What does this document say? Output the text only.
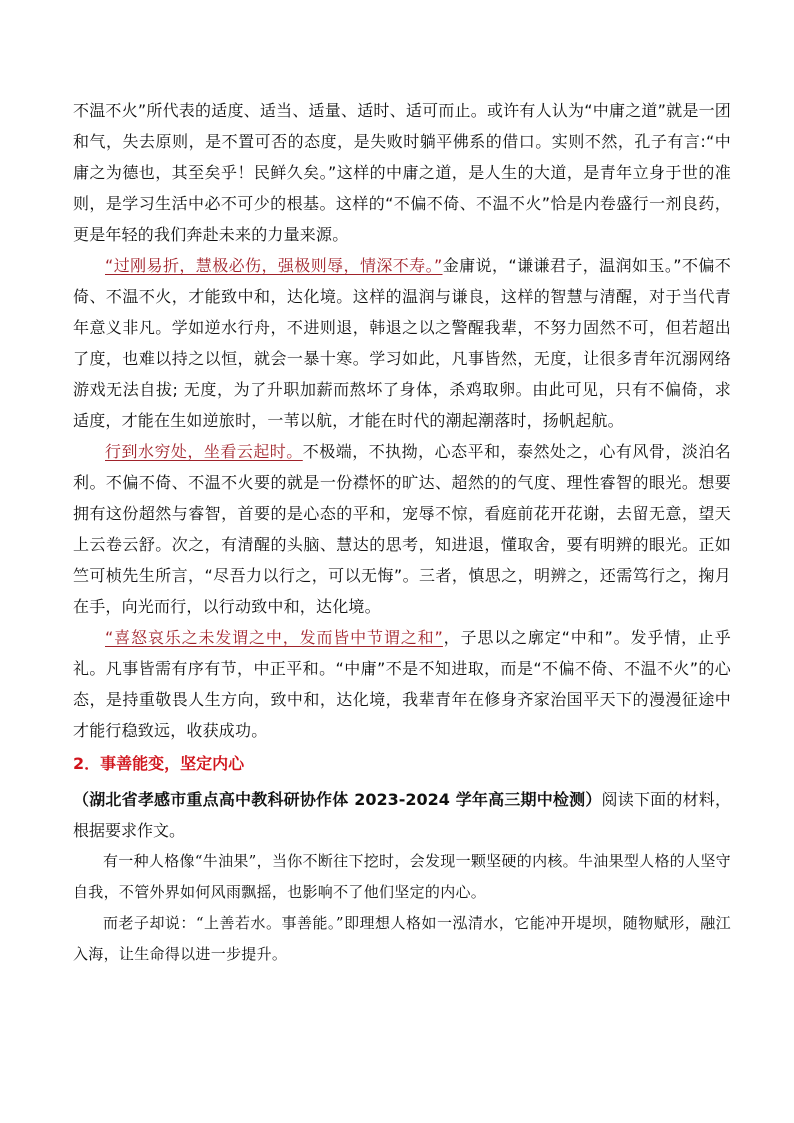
不温不火”所代表的适度、适当、适量、适时、适可而止。或许有人认为“中庸之道”就是一团和气，失去原则，是不置可否的态度，是失败时躺平佛系的借口。实则不然，孔子有言:“中庸之为德也，其至矣乎！民鲜久矣。”这样的中庸之道，是人生的大道，是青年立身于世的准则，是学习生活中必不可少的根基。这样的“不偏不倚、不温不火”恰是内卷盛行一剂良药，更是年轻的我们奔赴未来的力量来源。

“过刚易折，慧极必伤，强极则辱，情深不寿。”金庸说，“谦谦君子，温润如玉。”不偏不倚、不温不火，才能致中和，达化境。这样的温润与谦良，这样的智慧与清醒，对于当代青年意义非凡。学如逆水行舟，不进则退，韩退之以之警醒我辈，不努力固然不可，但若超出了度，也难以持之以恒，就会一暴十寒。学习如此，凡事皆然，无度，让很多青年沉溺网络游戏无法自拔; 无度，为了升职加薪而熬坏了身体，杀鸡取卵。由此可见，只有不偏倚，求适度，才能在生如逆旅时，一苇以航，才能在时代的潮起潮落时，扬帆起航。

行到水穷处，坐看云起时。不极端，不执拗，心态平和，泰然处之，心有风骨，淡泊名利。不偏不倚、不温不火要的就是一份襟怀的旷达、超然的的气度、理性睿智的眼光。想要拥有这份超然与睿智，首要的是心态的平和，宠辱不惊，看庭前花开花谢，去留无意，望天上云卷云舒。次之，有清醒的头脑、慧达的思考，知进退，懂取舍，要有明辨的眼光。正如竺可桢先生所言，“尽吾力以行之，可以无悔”。三者，慎思之，明辨之，还需笃行之，掬月在手，向光而行，以行动致中和，达化境。

“喜怒哀乐之未发谓之中，发而皆中节谓之和”，子思以之廓定“中和”。发乎情，止乎礼。凡事皆需有序有节，中正平和。“中庸”不是不知进取，而是“不偏不倚、不温不火”的心态，是持重敬畏人生方向，致中和，达化境，我辈青年在修身齐家治国平天下的漫漫征途中才能行稳致远，收获成功。

2．事善能变，坚定内心

（湖北省孝感市重点高中教科研协作体 2023-2024 学年高三期中检测）阅读下面的材料，根据要求作文。

有一种人格像“牛油果”，当你不断往下挖时，会发现一颗坚硬的内核。牛油果型人格的人坚守自我，不管外界如何风雨飘摇，也影响不了他们坚定的内心。

而老子却说：“上善若水。事善能。”即理想人格如一泓清水，它能冲开堤坝，随物赋形，融江入海，让生命得以进一步提升。
